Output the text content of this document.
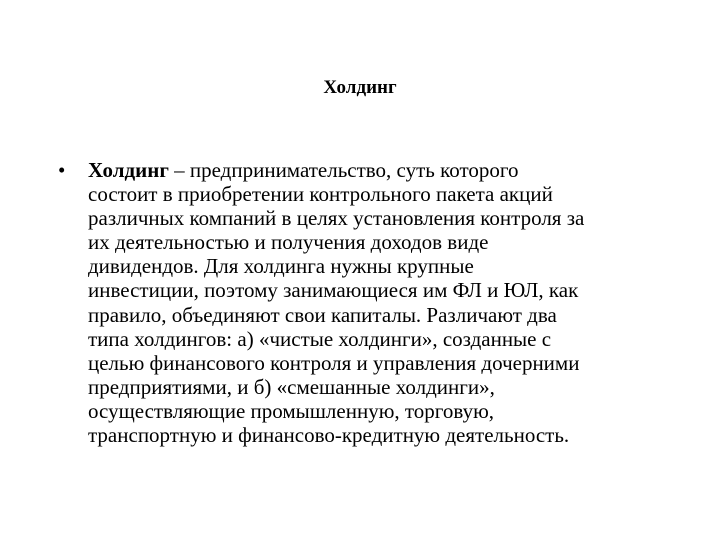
Холдинг
• Холдинг – предпринимательство, суть которого
состоит в приобретении контрольного пакета акций
различных компаний в целях установления контроля за
их деятельностью и получения доходов виде
дивидендов. Для холдинга нужны крупные
инвестиции, поэтому занимающиеся им ФЛ и ЮЛ, как
правило, объединяют свои капиталы. Различают два
типа холдингов: а) «чистые холдинги», созданные с
целью финансового контроля и управления дочерними
предприятиями, и б) «смешанные холдинги»,
осуществляющие промышленную, торговую,
транспортную и финансово-кредитную деятельность.
